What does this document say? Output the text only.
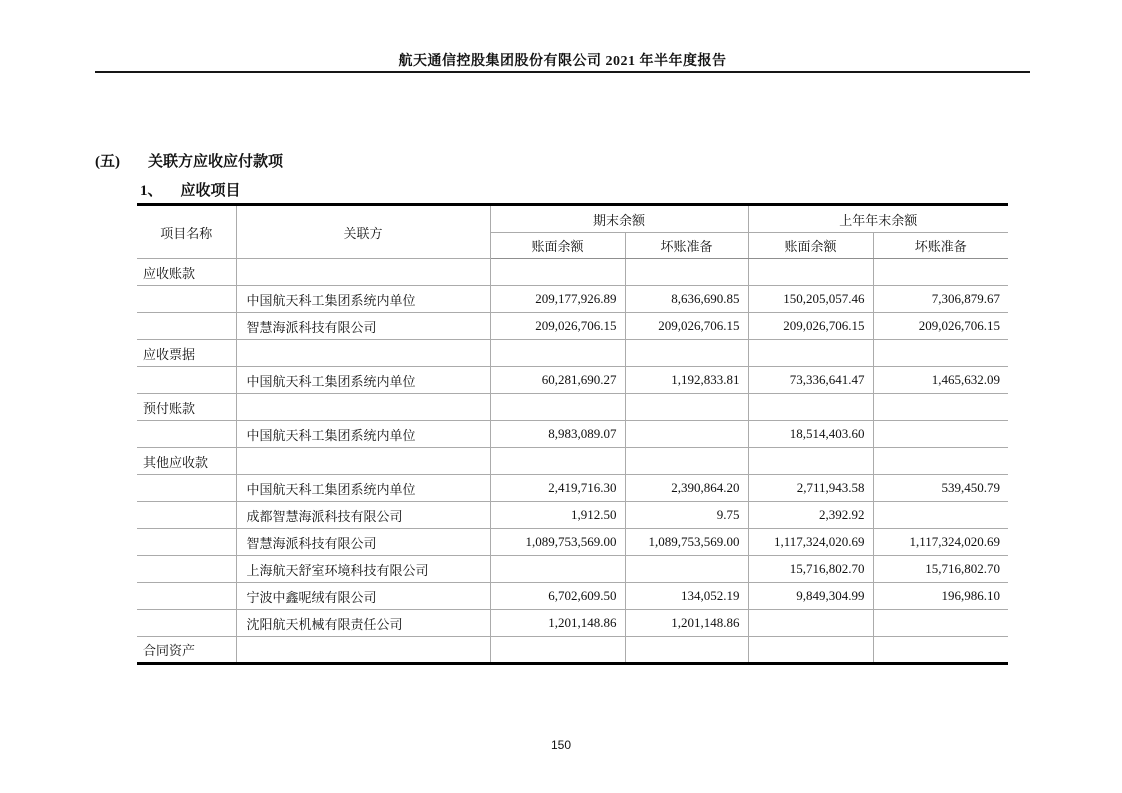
航天通信控股集团股份有限公司 2021 年半年度报告
(五) 关联方应收应付款项
1、 应收项目
项目名称	关联方	期末余额		上年年末余额	
		账面余额	坏账准备	账面余额	坏账准备
应收账款					
	中国航天科工集团系统内单位	209,177,926.89	8,636,690.85	150,205,057.46	7,306,879.67
	智慧海派科技有限公司	209,026,706.15	209,026,706.15	209,026,706.15	209,026,706.15
应收票据					
	中国航天科工集团系统内单位	60,281,690.27	1,192,833.81	73,336,641.47	1,465,632.09
预付账款					
	中国航天科工集团系统内单位	8,983,089.07		18,514,403.60	
其他应收款					
	中国航天科工集团系统内单位	2,419,716.30	2,390,864.20	2,711,943.58	539,450.79
	成都智慧海派科技有限公司	1,912.50	9.75	2,392.92	
	智慧海派科技有限公司	1,089,753,569.00	1,089,753,569.00	1,117,324,020.69	1,117,324,020.69
	上海航天舒室环境科技有限公司			15,716,802.70	15,716,802.70
	宁波中鑫呢绒有限公司	6,702,609.50	134,052.19	9,849,304.99	196,986.10
	沈阳航天机械有限责任公司	1,201,148.86	1,201,148.86		
合同资产					
150
